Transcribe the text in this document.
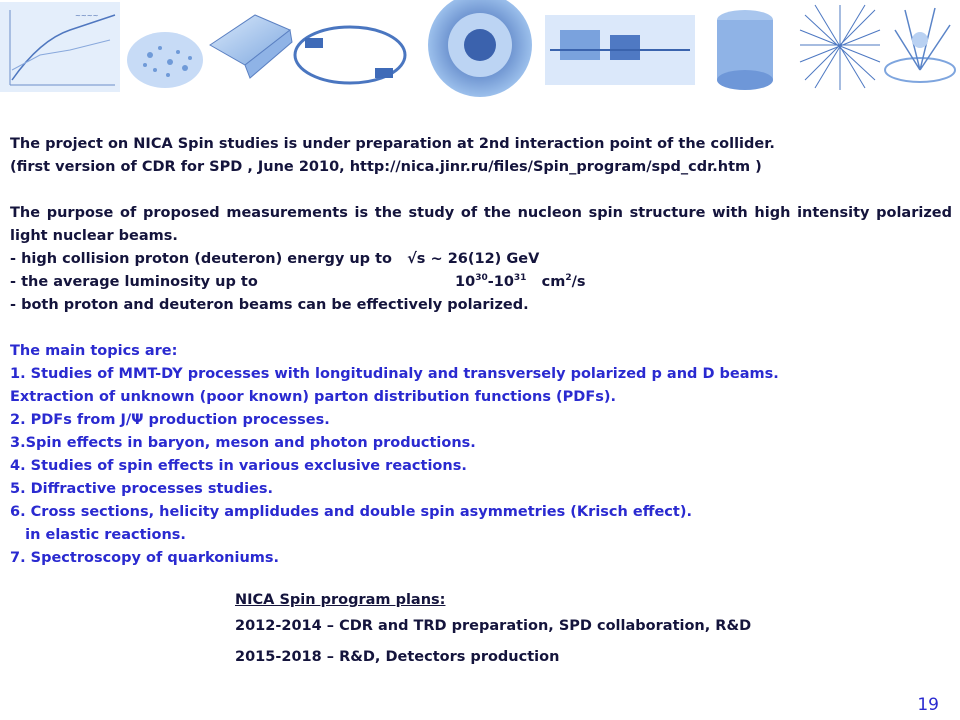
~~~~
The project on NICA Spin studies is under preparation at 2nd interaction point of the collider.
(first version of CDR for SPD , June 2010, http://nica.jinr.ru/files/Spin_program/spd_cdr.htm )
The purpose of proposed measurements is the study of the nucleon spin structure with high intensity polarized light nuclear beams.
- high collision proton (deuteron) energy up to √s ~ 26(12) GeV
- the average luminosity up to	$10^{30}-10^{31}$ $cm^2/s$
- both proton and deuteron beams can be effectively polarized.
The main topics are:
1. Studies of MMT-DY processes with longitudinaly and transversely polarized p and D beams.
Extraction of unknown (poor known) parton distribution functions (PDFs).
2. PDFs from J/Ψ production processes.
3.Spin effects in baryon, meson and photon productions.
4. Studies of spin effects in various exclusive reactions.
5. Diffractive processes studies.
6. Cross sections, helicity amplidudes and double spin asymmetries (Krisch effect).
in elastic reactions.
7. Spectroscopy of quarkoniums.
NICA Spin program plans:
2012-2014 – CDR and TRD preparation, SPD collaboration, R&D
2015-2018 – R&D, Detectors production
19
